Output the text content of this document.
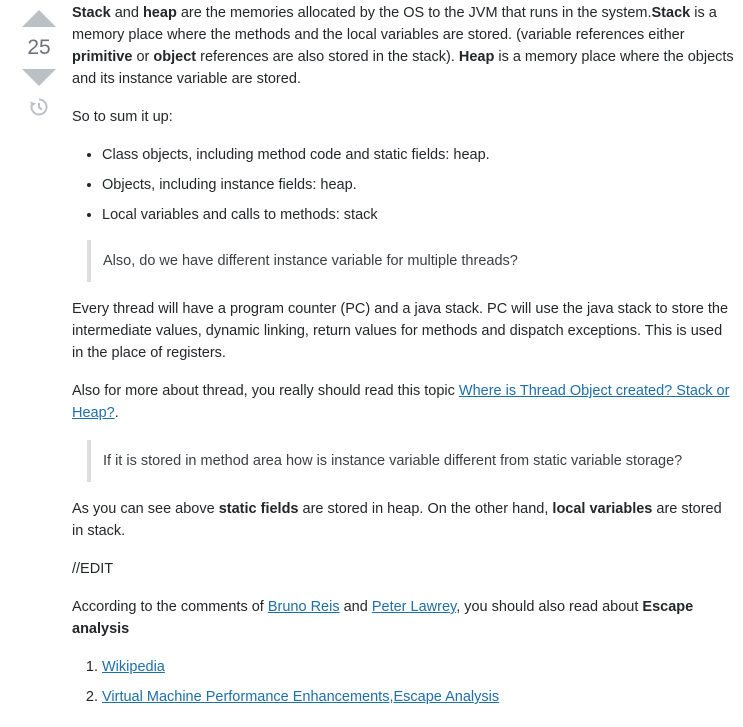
25

Stack and heap are the memories allocated by the OS to the JVM that runs in the system.Stack is a memory place where the methods and the local variables are stored. (variable references either primitive or object references are also stored in the stack). Heap is a memory place where the objects and its instance variable are stored.

So to sum it up:

• Class objects, including method code and static fields: heap.
• Objects, including instance fields: heap.
• Local variables and calls to methods: stack

Also, do we have different instance variable for multiple threads?

Every thread will have a program counter (PC) and a java stack. PC will use the java stack to store the intermediate values, dynamic linking, return values for methods and dispatch exceptions. This is used in the place of registers.

Also for more about thread, you really should read this topic Where is Thread Object created? Stack or Heap?.

If it is stored in method area how is instance variable different from static variable storage?

As you can see above static fields are stored in heap. On the other hand, local variables are stored in stack.

//EDIT

According to the comments of Bruno Reis and Peter Lawrey, you should also read about Escape analysis

1. Wikipedia
2. Virtual Machine Performance Enhancements,Escape Analysis
